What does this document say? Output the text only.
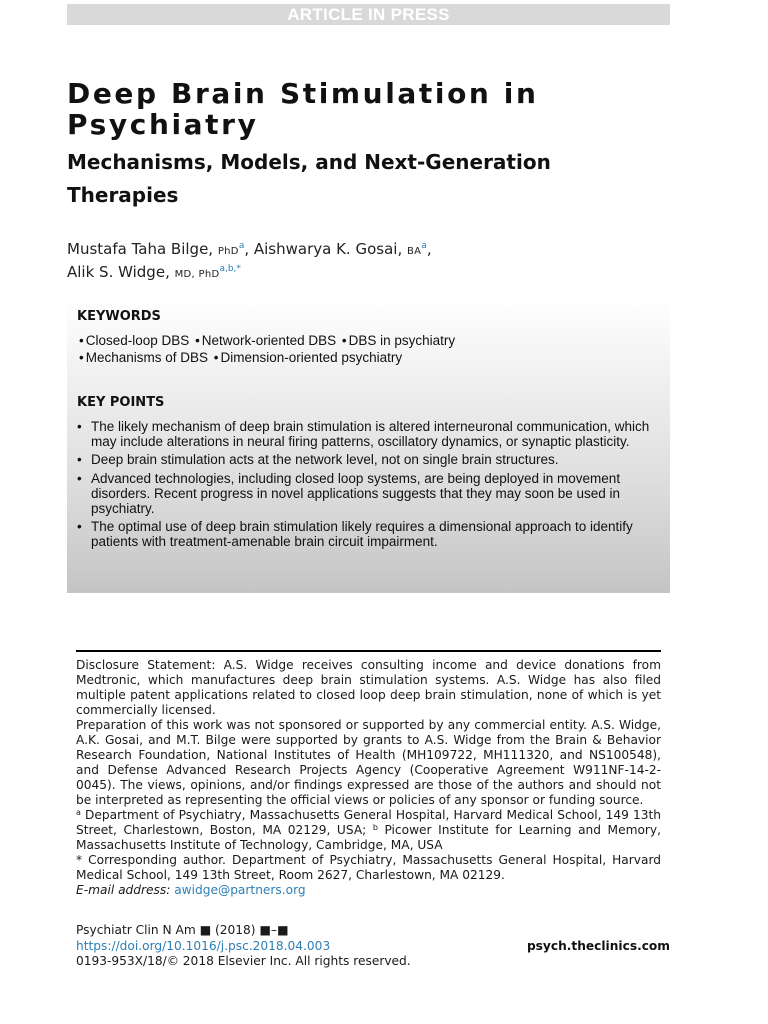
ARTICLE IN PRESS
Deep Brain Stimulation in Psychiatry
Mechanisms, Models, and Next-Generation Therapies
Mustafa Taha Bilge, PhD$^a$, Aishwarya K. Gosai, $BA^a$,
Alik S. Widge, MD, PhD$^{a,b,*}$
KEYWORDS
• Closed-loop DBS • Network-oriented DBS • DBS in psychiatry
• Mechanisms of DBS • Dimension-oriented psychiatry
KEY POINTS
• The likely mechanism of deep brain stimulation is altered interneuronal communication, which may include alterations in neural firing patterns, oscillatory dynamics, or synaptic plasticity.
• Deep brain stimulation acts at the network level, not on single brain structures.
• Advanced technologies, including closed loop systems, are being deployed in movement disorders. Recent progress in novel applications suggests that they may soon be used in psychiatry.
• The optimal use of deep brain stimulation likely requires a dimensional approach to identify patients with treatment-amenable brain circuit impairment.

Disclosure Statement: A.S. Widge receives consulting income and device donations from Medtronic, which manufactures deep brain stimulation systems. A.S. Widge has also filed multiple patent applications related to closed loop deep brain stimulation, none of which is yet commercially licensed.

Preparation of this work was not sponsored or supported by any commercial entity. A.S. Widge, A.K. Gosai, and M.T. Bilge were supported by grants to A.S. Widge from the Brain & Behavior Research Foundation, National Institutes of Health (MH109722, MH111320, and NS100548), and Defense Advanced Research Projects Agency (Cooperative Agreement W911NF-14-2-0045). The views, opinions, and/or findings expressed are those of the authors and should not be interpreted as representing the official views or policies of any sponsor or funding source.

$^a$ Department of Psychiatry, Massachusetts General Hospital, Harvard Medical School, 149 13th Street, Charlestown, Boston, MA 02129, USA; $^b$ Picower Institute for Learning and Memory, Massachusetts Institute of Technology, Cambridge, MA, USA

* Corresponding author. Department of Psychiatry, Massachusetts General Hospital, Harvard Medical School, 149 13th Street, Room 2627, Charlestown, MA 02129.

E-mail address: awidge@partners.org

Psychiatr Clin N Am ■ (2018) ■–■
https://doi.org/10.1016/j.psc.2018.04.003
0193-953X/18/© 2018 Elsevier Inc. All rights reserved.
psych.theclinics.com
